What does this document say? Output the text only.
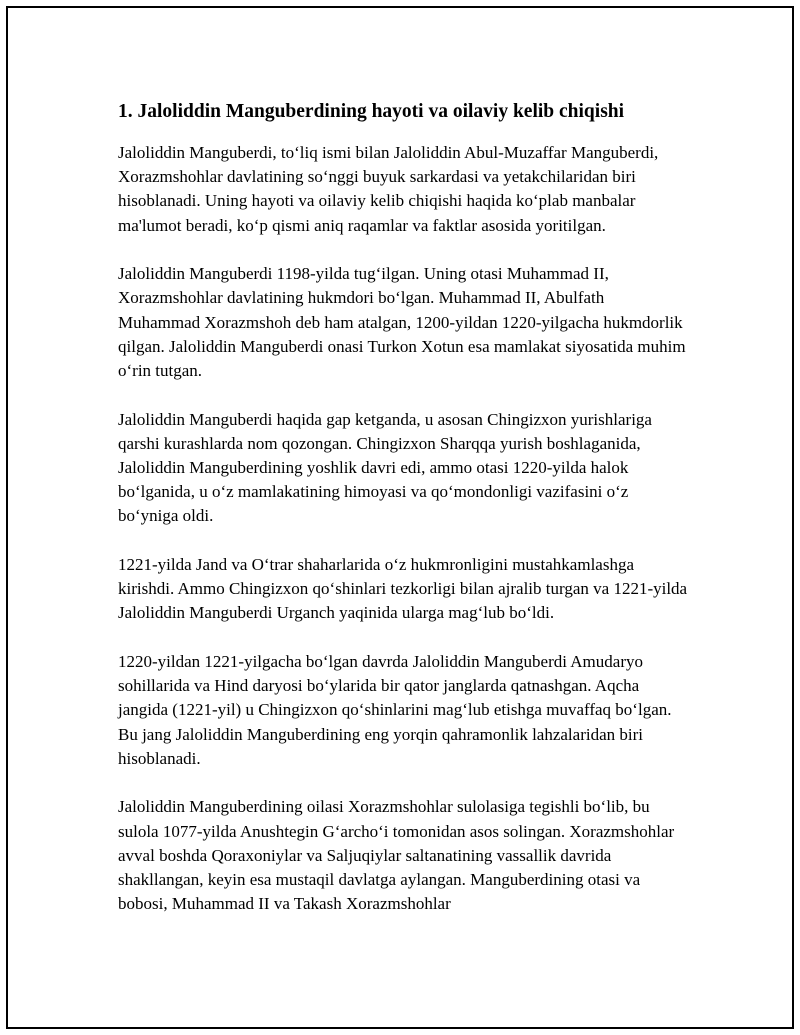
1. Jaloliddin Manguberdining hayoti va oilaviy kelib chiqishi

Jaloliddin Manguberdi, to‘liq ismi bilan Jaloliddin Abul-Muzaffar Manguberdi, Xorazmshohlar davlatining so‘nggi buyuk sarkardasi va yetakchilaridan biri hisoblanadi. Uning hayoti va oilaviy kelib chiqishi haqida ko‘plab manbalar ma'lumot beradi, ko‘p qismi aniq raqamlar va faktlar asosida yoritilgan.

Jaloliddin Manguberdi 1198-yilda tug‘ilgan. Uning otasi Muhammad II, Xorazmshohlar davlatining hukmdori bo‘lgan. Muhammad II, Abulfath Muhammad Xorazmshoh deb ham atalgan, 1200-yildan 1220-yilgacha hukmdorlik qilgan. Jaloliddin Manguberdi onasi Turkon Xotun esa mamlakat siyosatida muhim o‘rin tutgan.

Jaloliddin Manguberdi haqida gap ketganda, u asosan Chingizxon yurishlariga qarshi kurashlarda nom qozongan. Chingizxon Sharqqa yurish boshlaganida, Jaloliddin Manguberdining yoshlik davri edi, ammo otasi 1220-yilda halok bo‘lganida, u o‘z mamlakatining himoyasi va qo‘mondonligi vazifasini o‘z bo‘yniga oldi.

1221-yilda Jand va O‘trar shaharlarida o‘z hukmronligini mustahkamlashga kirishdi. Ammo Chingizxon qo‘shinlari tezkorligi bilan ajralib turgan va 1221-yilda Jaloliddin Manguberdi Urganch yaqinida ularga mag‘lub bo‘ldi.

1220-yildan 1221-yilgacha bo‘lgan davrda Jaloliddin Manguberdi Amudaryo sohillarida va Hind daryosi bo‘ylarida bir qator janglarda qatnashgan. Aqcha jangida (1221-yil) u Chingizxon qo‘shinlarini mag‘lub etishga muvaffaq bo‘lgan. Bu jang Jaloliddin Manguberdining eng yorqin qahramonlik lahzalaridan biri hisoblanadi.

Jaloliddin Manguberdining oilasi Xorazmshohlar sulolasiga tegishli bo‘lib, bu sulola 1077-yilda Anushtegin G‘archo‘i tomonidan asos solingan. Xorazmshohlar avval boshda Qoraxoniylar va Saljuqiylar saltanatining vassallik davrida shakllangan, keyin esa mustaqil davlatga aylangan. Manguberdining otasi va bobosi, Muhammad II va Takash Xorazmshohlar
